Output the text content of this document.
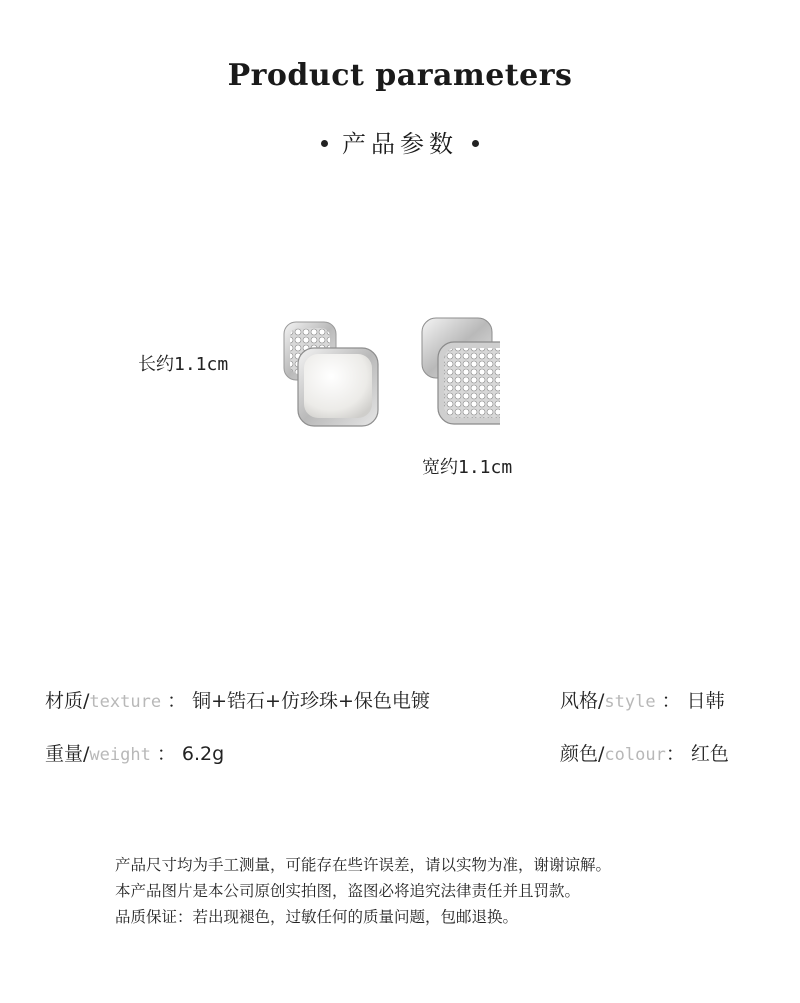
Product parameters
产品参数
长约1.1cm
宽约1.1cm
材质/texture ： 铜+锆石+仿珍珠+保色电镀	风格/style ： 日韩
重量/weight ： 6.2g	颜色/colour： 红色
产品尺寸均为手工测量，可能存在些许误差，请以实物为准，谢谢谅解。
本产品图片是本公司原创实拍图，盗图必将追究法律责任并且罚款。
品质保证：若出现褪色，过敏任何的质量问题，包邮退换。
